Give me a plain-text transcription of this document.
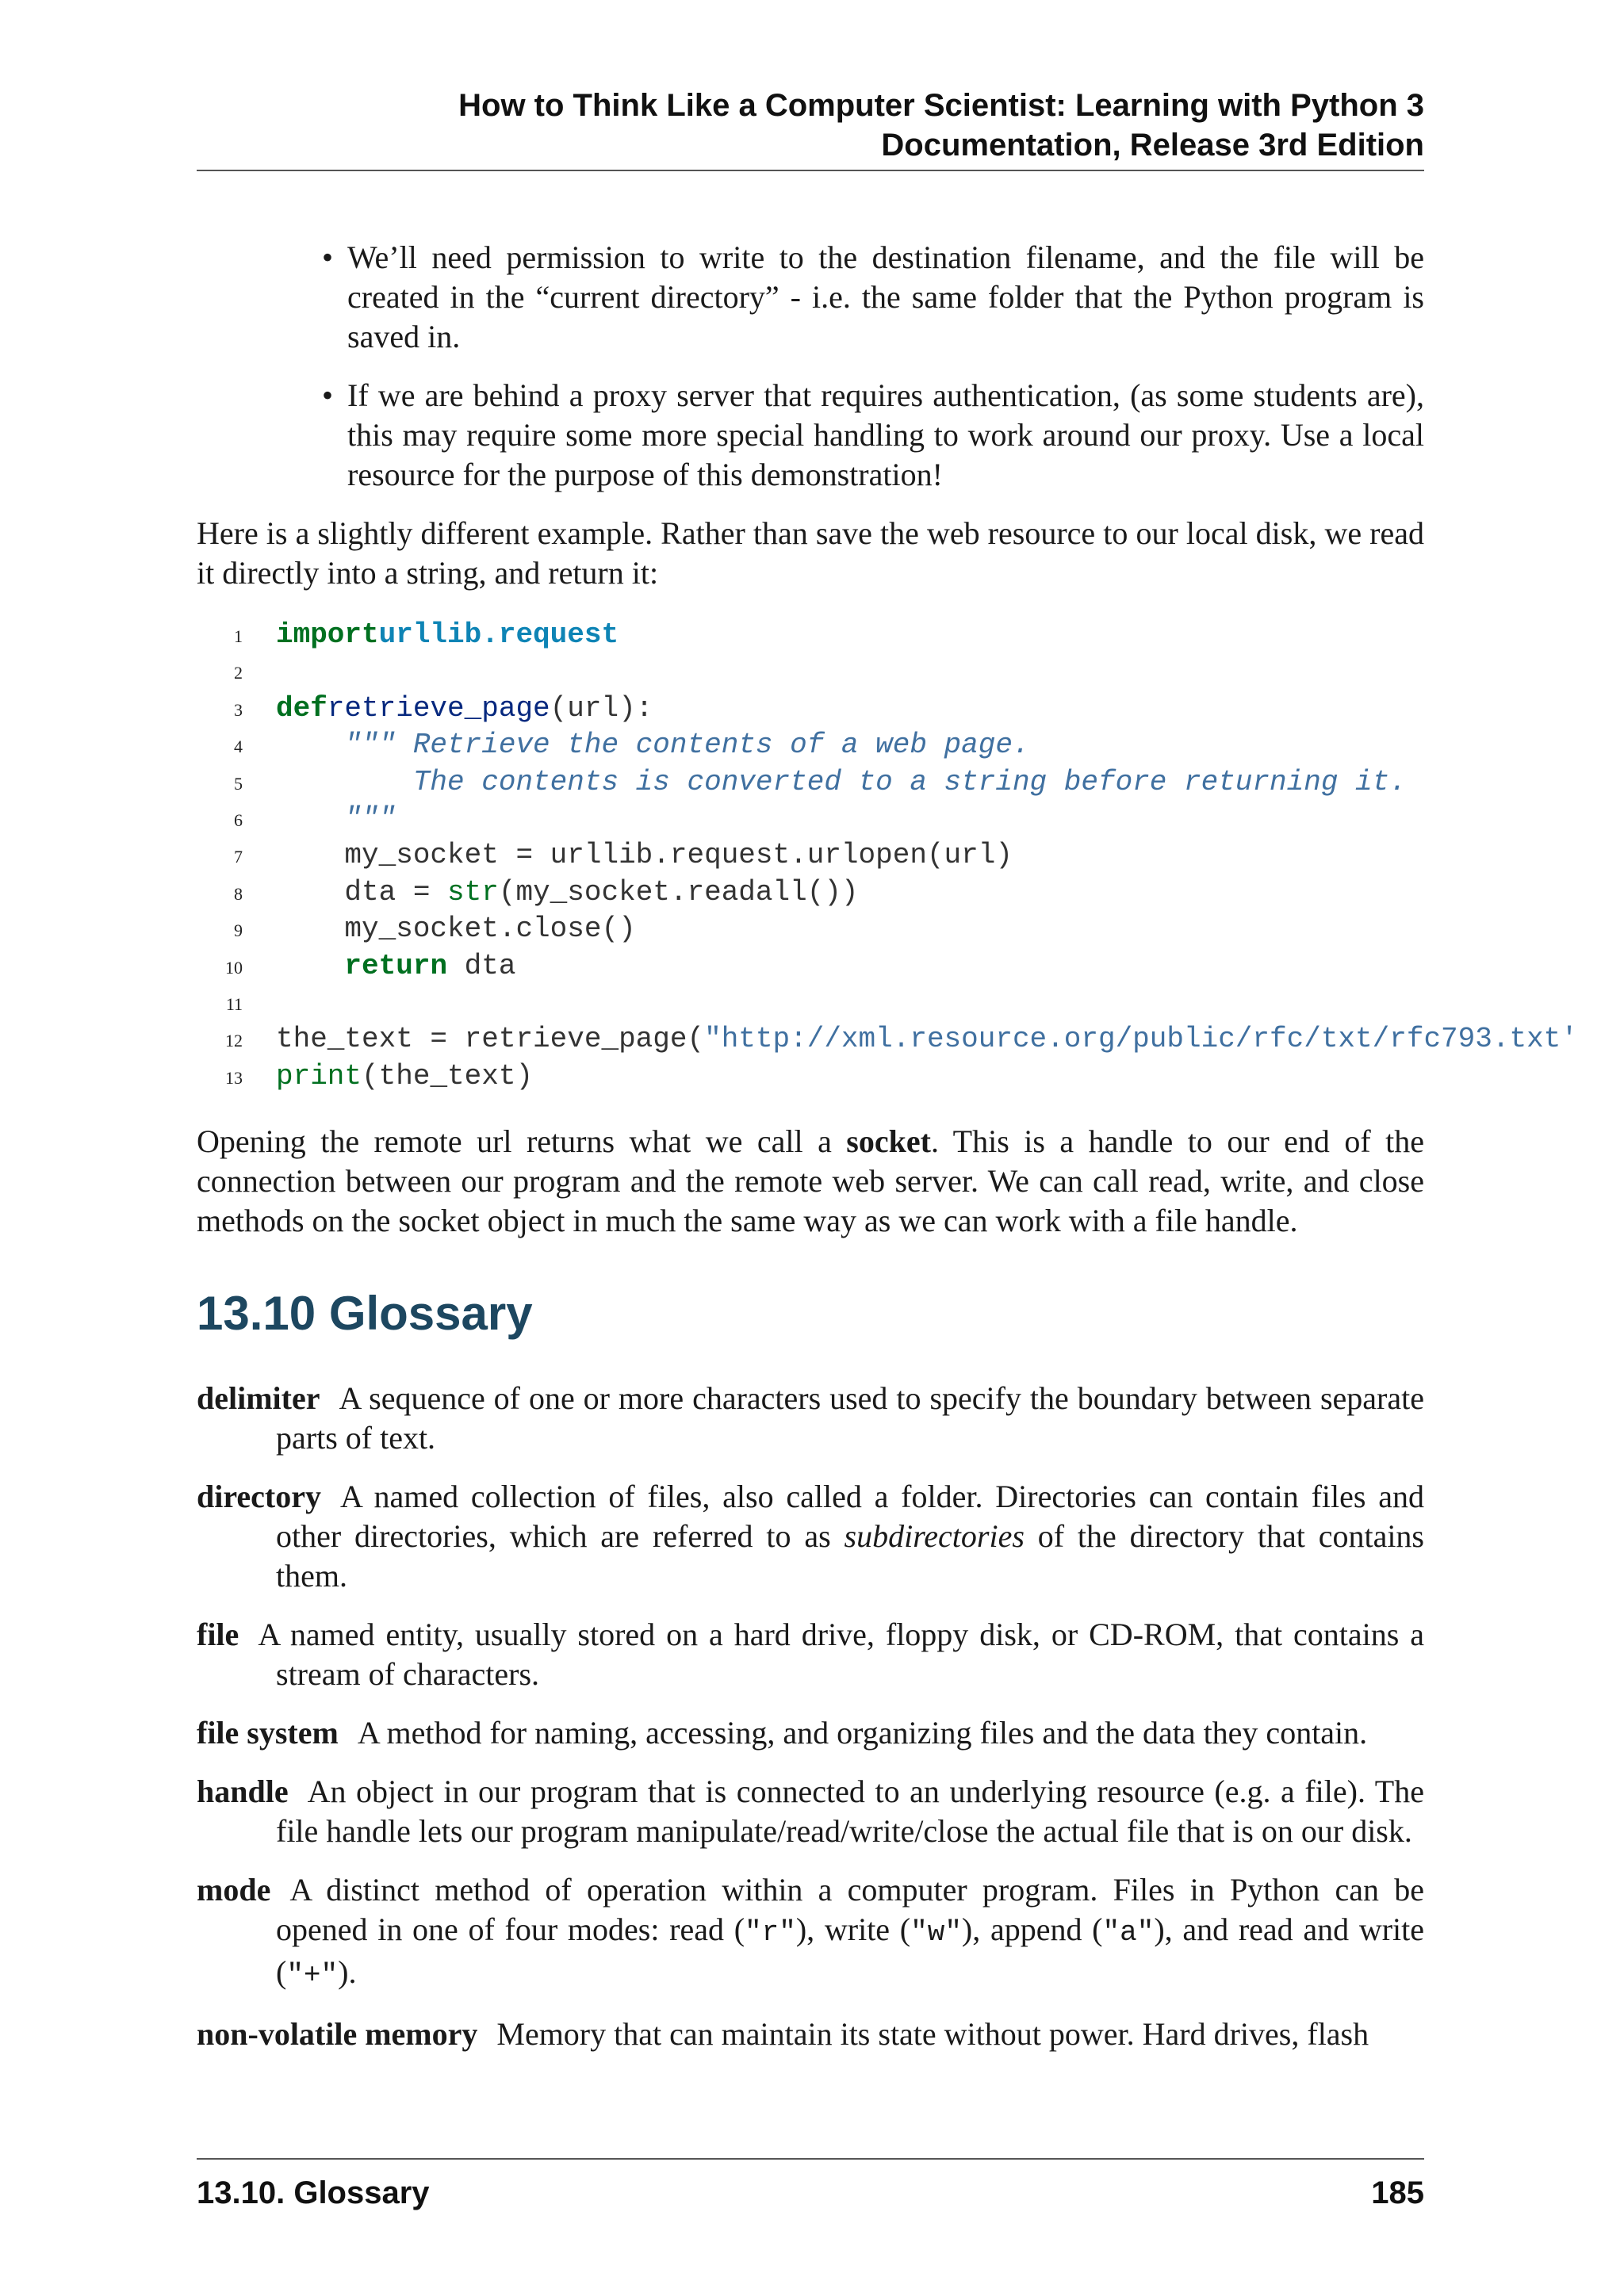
How to Think Like a Computer Scientist: Learning with Python 3
Documentation, Release 3rd Edition
• We’ll need permission to write to the destination filename, and the file will be created in the “current directory” - i.e. the same folder that the Python program is saved in.
• If we are behind a proxy server that requires authentication, (as some students are), this may require some more special handling to work around our proxy. Use a local resource for the purpose of this demonstration!

Here is a slightly different example. Rather than save the web resource to our local disk, we read it directly into a string, and return it:

1	import urllib.request
2
3	def retrieve_page (url):
4	""" Retrieve the contents of a web page.
5	The contents is converted to a string before returning it.
6	"""
7	my_socket = urllib.request.urlopen(url)
8	dta = str (my_socket.readall())
9	my_socket.close()
10
	return dta
11
12	the_text = retrieve_page( "http://xml.resource.org/public/rfc/txt/rfc793.txt'
13	print (the_text)

Opening the remote url returns what we call a socket. This is a handle to our end of the connection between our program and the remote web server. We can call read, write, and close methods on the socket object in much the same way as we can work with a file handle.

13.10 Glossary
delimiter A sequence of one or more characters used to specify the boundary between separate parts of text.
directory A named collection of files, also called a folder. Directories can contain files and other directories, which are referred to as subdirectories of the directory that contains them.
file A named entity, usually stored on a hard drive, floppy disk, or CD-ROM, that contains a stream of characters.
file system A method for naming, accessing, and organizing files and the data they contain.
handle An object in our program that is connected to an underlying resource (e.g. a file). The file handle lets our program manipulate/read/write/close the actual file that is on our disk.
mode A distinct method of operation within a computer program. Files in Python can be opened in one of four modes: read ("r"), write ("w"), append ("a"), and read and write ("+").
non-volatile memory Memory that can maintain its state without power. Hard drives, flash
13.10. Glossary	185
